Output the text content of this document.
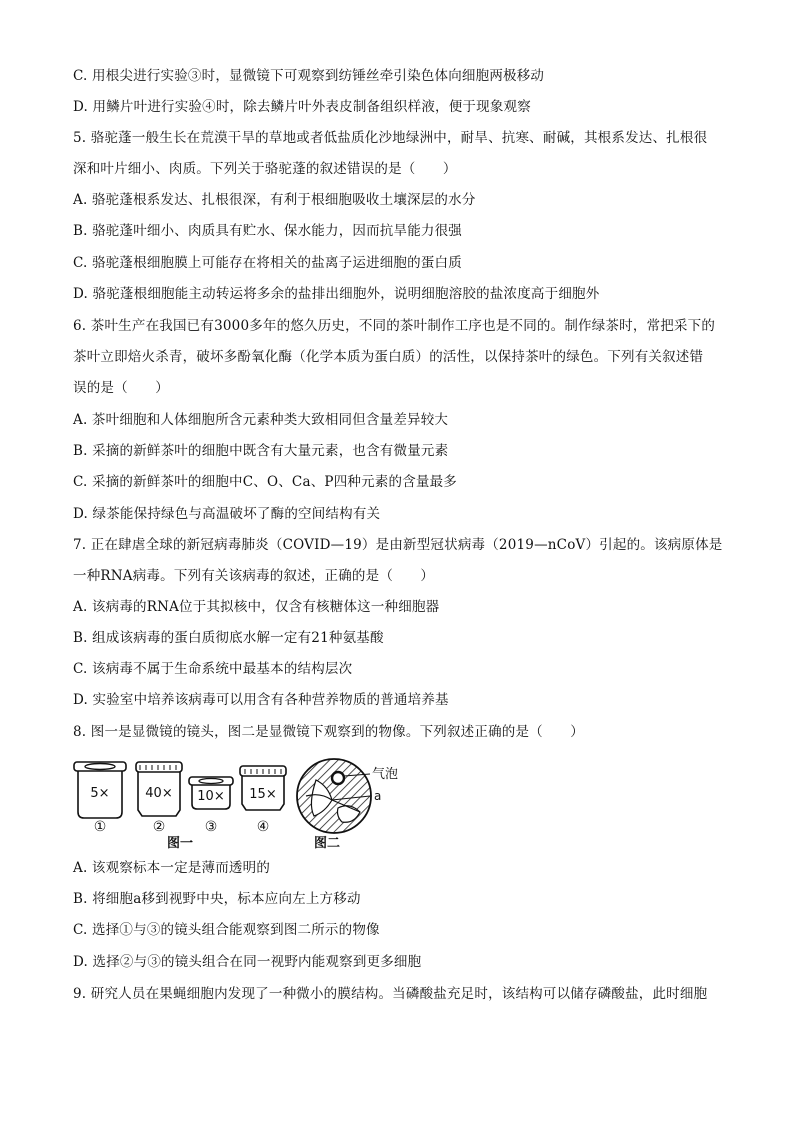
C. 用根尖进行实验③时，显微镜下可观察到纺锤丝牵引染色体向细胞两极移动
D. 用鳞片叶进行实验④时，除去鳞片叶外表皮制备组织样液，便于现象观察
5. 骆驼蓬一般生长在荒漠干旱的草地或者低盐质化沙地绿洲中，耐旱、抗寒、耐碱，其根系发达、扎根很
深和叶片细小、肉质。下列关于骆驼蓬的叙述错误的是（　　）
A. 骆驼蓬根系发达、扎根很深，有利于根细胞吸收土壤深层的水分
B. 骆驼蓬叶细小、肉质具有贮水、保水能力，因而抗旱能力很强
C. 骆驼蓬根细胞膜上可能存在将相关的盐离子运进细胞的蛋白质
D. 骆驼蓬根细胞能主动转运将多余的盐排出细胞外，说明细胞溶胶的盐浓度高于细胞外
6. 茶叶生产在我国已有3000多年的悠久历史，不同的茶叶制作工序也是不同的。制作绿茶时，常把采下的
茶叶立即焙火杀青，破坏多酚氧化酶（化学本质为蛋白质）的活性，以保持茶叶的绿色。下列有关叙述错
误的是（　　）
A. 茶叶细胞和人体细胞所含元素种类大致相同但含量差异较大
B. 采摘的新鲜茶叶的细胞中既含有大量元素，也含有微量元素
C. 采摘的新鲜茶叶的细胞中C、O、Ca、P四种元素的含量最多
D. 绿茶能保持绿色与高温破坏了酶的空间结构有关
7. 正在肆虐全球的新冠病毒肺炎（COVID—19）是由新型冠状病毒（2019—nCoV）引起的。该病原体是
一种RNA病毒。下列有关该病毒的叙述，正确的是（　　）
A. 该病毒的RNA位于其拟核中，仅含有核糖体这一种细胞器
B. 组成该病毒的蛋白质彻底水解一定有21种氨基酸
C. 该病毒不属于生命系统中最基本的结构层次
D. 实验室中培养该病毒可以用含有各种营养物质的普通培养基
8. 图一是显微镜的镜头，图二是显微镜下观察到的物像。下列叙述正确的是（　　）
5×	40× 10× 15×
①	②	③	④
图一
气泡
a
图二
A. 该观察标本一定是薄而透明的
B. 将细胞a移到视野中央，标本应向左上方移动
C. 选择①与③的镜头组合能观察到图二所示的物像
D. 选择②与③的镜头组合在同一视野内能观察到更多细胞
9. 研究人员在果蝇细胞内发现了一种微小的膜结构。当磷酸盐充足时，该结构可以储存磷酸盐，此时细胞
